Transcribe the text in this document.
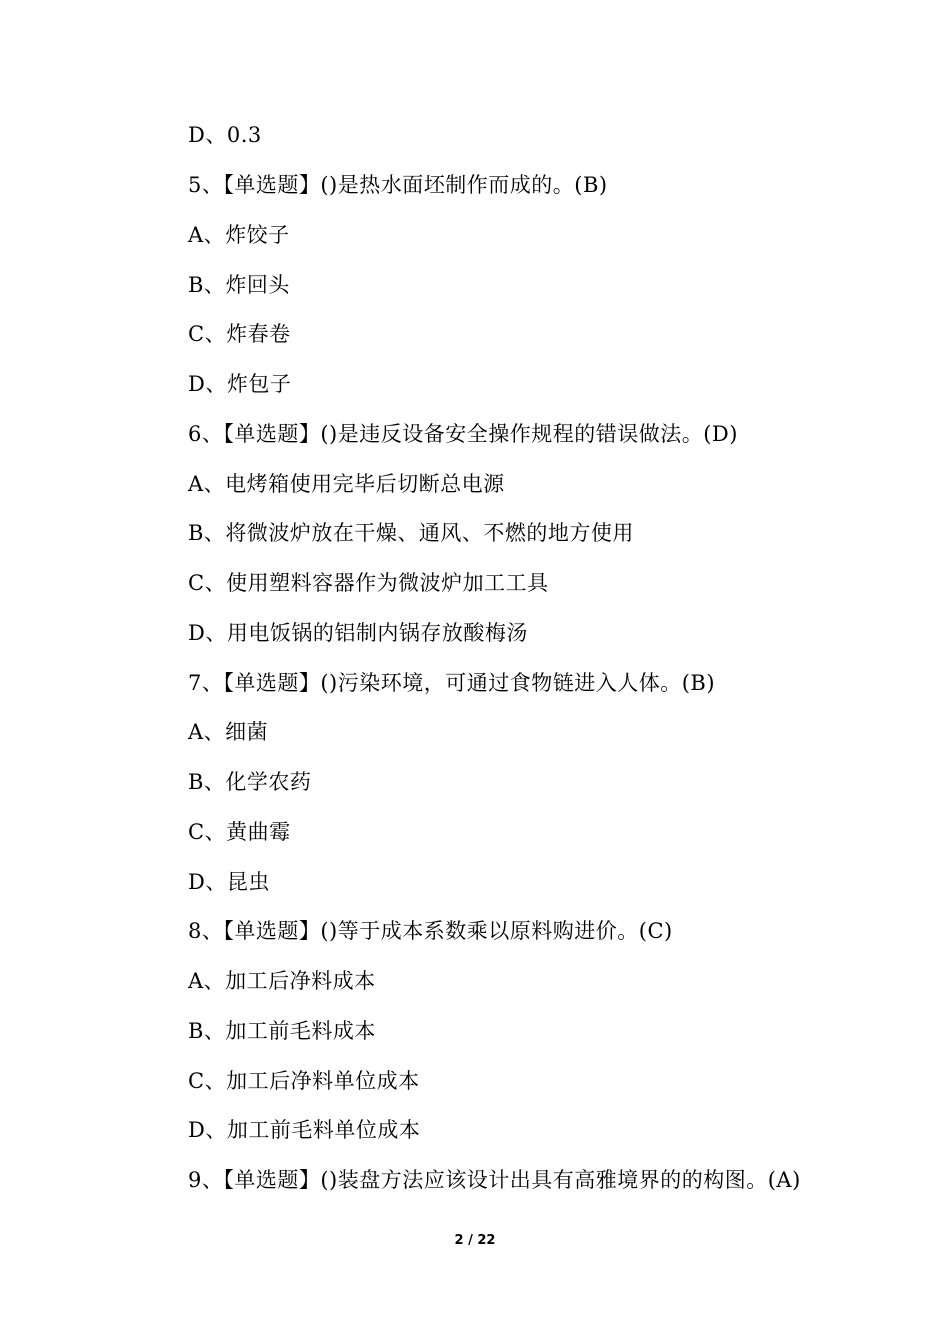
D、0.3
5、【单选题】()是热水面坯制作而成的。(B)
A、炸饺子
B、炸回头
C、炸春卷
D、炸包子
6、【单选题】()是违反设备安全操作规程的错误做法。(D)
A、电烤箱使用完毕后切断总电源
B、将微波炉放在干燥、通风、不燃的地方使用
C、使用塑料容器作为微波炉加工工具
D、用电饭锅的铝制内锅存放酸梅汤
7、【单选题】()污染环境，可通过食物链进入人体。(B)
A、细菌
B、化学农药
C、黄曲霉
D、昆虫
8、【单选题】()等于成本系数乘以原料购进价。(C)
A、加工后净料成本
B、加工前毛料成本
C、加工后净料单位成本
D、加工前毛料单位成本
9、【单选题】()装盘方法应该设计出具有高雅境界的的构图。(A)
2 / 22
